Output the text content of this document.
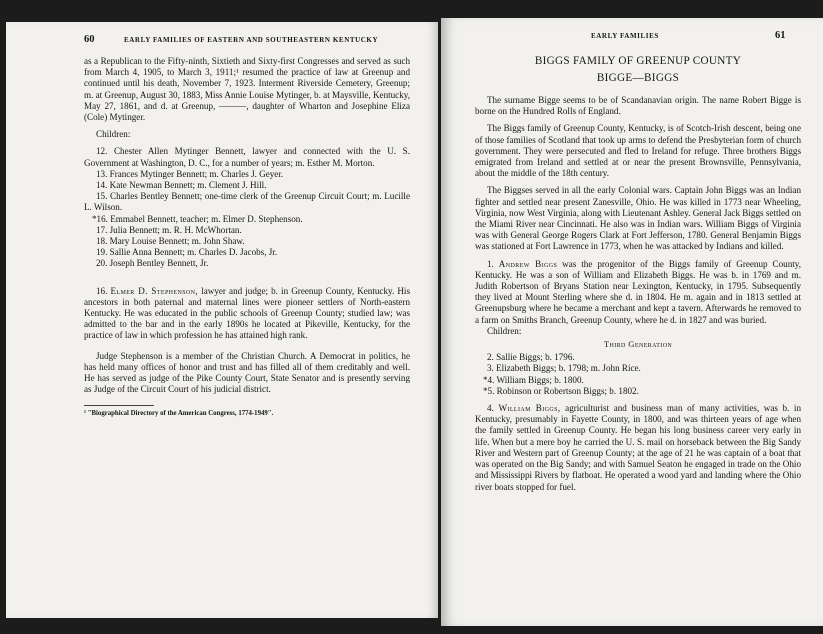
60	EARLY FAMILIES OF EASTERN AND SOUTHEASTERN KENTUCKY

as a Republican to the Fifty-ninth, Sixtieth and Sixty-first Congresses and served as such from March 4, 1905, to March 3, 1911;¹ resumed the practice of law at Greenup and continued until his death, November 7, 1923. Interment Riverside Cemetery, Greenup; m. at Greenup, August 30, 1883, Miss Annie Louise Mytinger, b. at Maysville, Kentucky, May 27, 1861, and d. at Greenup, ———, daughter of Wharton and Josephine Eliza (Cole) Mytinger.

Children:

12. Chester Allen Mytinger Bennett, lawyer and connected with the U. S. Government at Washington, D. C., for a number of years; m. Esther M. Morton.

13. Frances Mytinger Bennett; m. Charles J. Geyer.

14. Kate Newman Bennett; m. Clement J. Hill.

15. Charles Bentley Bennett; one-time clerk of the Greenup Circuit Court; m. Lucille L. Wilson.

*16. Emmabel Bennett, teacher; m. Elmer D. Stephenson.

17. Julia Bennett; m. R. H. McWhortan.

18. Mary Louise Bennett; m. John Shaw.

19. Sallie Anna Bennett; m. Charles D. Jacobs, Jr.

20. Joseph Bentley Bennett, Jr.

16. Elmer D. Stephenson, lawyer and judge; b. in Greenup County, Kentucky. His ancestors in both paternal and maternal lines were pioneer settlers of North-eastern Kentucky. He was educated in the public schools of Greenup County; studied law; was admitted to the bar and in the early 1890s he located at Pikeville, Kentucky, for the practice of law in which profession he has attained high rank.

Judge Stephenson is a member of the Christian Church. A Democrat in politics, he has held many offices of honor and trust and has filled all of them creditably and well. He has served as judge of the Pike County Court, State Senator and is presently serving as Judge of the Circuit Court of his judicial district.

¹ "Biographical Directory of the American Congress, 1774-1949".

EARLY FAMILIES	61

BIGGS FAMILY OF GREENUP COUNTY

BIGGE—BIGGS

The surname Bigge seems to be of Scandanavian origin. The name Robert Bigge is borne on the Hundred Rolls of England.

The Biggs family of Greenup County, Kentucky, is of Scotch-Irish descent, being one of those families of Scotland that took up arms to defend the Presbyterian form of church government. They were persecuted and fled to Ireland for refuge. Three brothers Biggs emigrated from Ireland and settled at or near the present Brownsville, Pennsylvania, about the middle of the 18th century.

The Biggses served in all the early Colonial wars. Captain John Biggs was an Indian fighter and settled near present Zanesville, Ohio. He was killed in 1773 near Wheeling, Virginia, now West Virginia, along with Lieutenant Ashley. General Jack Biggs settled on the Miami River near Cincinnati. He also was in Indian wars. William Biggs of Virginia was with General George Rogers Clark at Fort Jefferson, 1780. General Benjamin Biggs was stationed at Fort Lawrence in 1773, when he was attacked by Indians and killed.

1. Andrew Biggs was the progenitor of the Biggs family of Greenup County, Kentucky. He was a son of William and Elizabeth Biggs. He was b. in 1769 and m. Judith Robertson of Bryans Station near Lexington, Kentucky, in 1795. Subsequently they lived at Mount Sterling where she d. in 1804. He m. again and in 1813 settled at Greenupsburg where he became a merchant and kept a tavern. Afterwards he removed to a farm on Smiths Branch, Greenup County, where he d. in 1827 and was buried.

Children:

Third Generation

2. Sallie Biggs; b. 1796.

3. Elizabeth Biggs; b. 1798; m. John Rice.

*4. William Biggs; b. 1800.

*5. Robinson or Robertson Biggs; b. 1802.

4. William Biggs, agriculturist and business man of many activities, was b. in Kentucky, presumably in Fayette County, in 1800, and was thirteen years of age when the family settled in Greenup County. He began his long business career very early in life. When but a mere boy he carried the U. S. mail on horseback between the Big Sandy River and Western part of Greenup County; at the age of 21 he was captain of a boat that was operated on the Big Sandy; and with Samuel Seaton he engaged in trade on the Ohio and Mississippi Rivers by flatboat. He operated a wood yard and landing where the Ohio river boats stopped for fuel.
